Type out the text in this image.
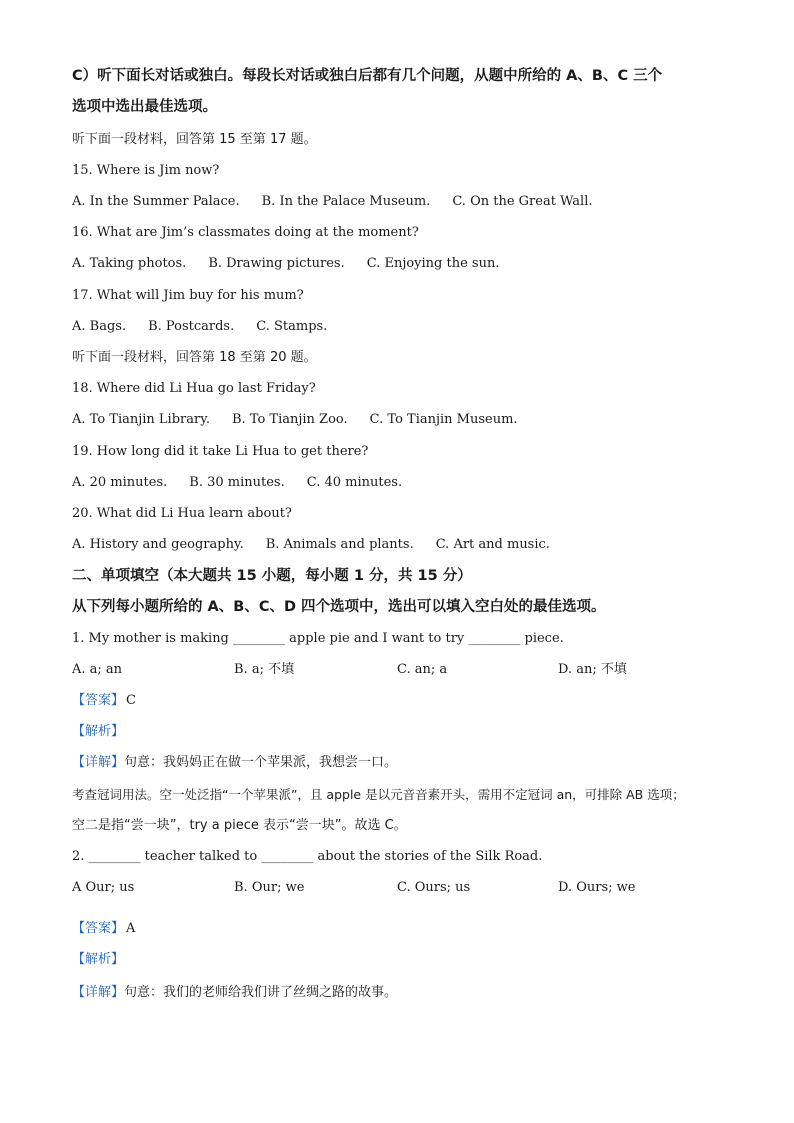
C）听下面长对话或独白。每段长对话或独白后都有几个问题，从题中所给的 A、B、C 三个
选项中选出最佳选项。
听下面一段材料，回答第 15 至第 17 题。
15. Where is Jim now?
A. In the Summer Palace. B. In the Palace Museum. C. On the Great Wall.
16. What are Jim’s classmates doing at the moment?
A. Taking photos. B. Drawing pictures. C. Enjoying the sun.
17. What will Jim buy for his mum?
A. Bags. B. Postcards. C. Stamps.
听下面一段材料，回答第 18 至第 20 题。
18. Where did Li Hua go last Friday?
A. To Tianjin Library. B. To Tianjin Zoo. C. To Tianjin Museum.
19. How long did it take Li Hua to get there?
A. 20 minutes. B. 30 minutes. C. 40 minutes.
20. What did Li Hua learn about?
A. History and geography. B. Animals and plants. C. Art and music.
二、单项填空（本大题共 15 小题，每小题 1 分，共 15 分）
从下列每小题所给的 A、B、C、D 四个选项中，选出可以填入空白处的最佳选项。
1. My mother is making ________ apple pie and I want to try ________ piece.
A. a; an	B. a; 不填	C. an; a	D. an; 不填
【答案】 C
【解析】
【详解】句意：我妈妈正在做一个苹果派，我想尝一口。
考查冠词用法。空一处泛指“一个苹果派”，且 apple 是以元音音素开头，需用不定冠词 an，可排除 AB 选项；
空二是指“尝一块”，try a piece 表示“尝一块”。故选 C。
2. ________ teacher talked to ________ about the stories of the Silk Road.
A Our; us	B. Our; we	C. Ours; us	D. Ours; we
【答案】 A
【解析】
【详解】句意：我们的老师给我们讲了丝绸之路的故事。
